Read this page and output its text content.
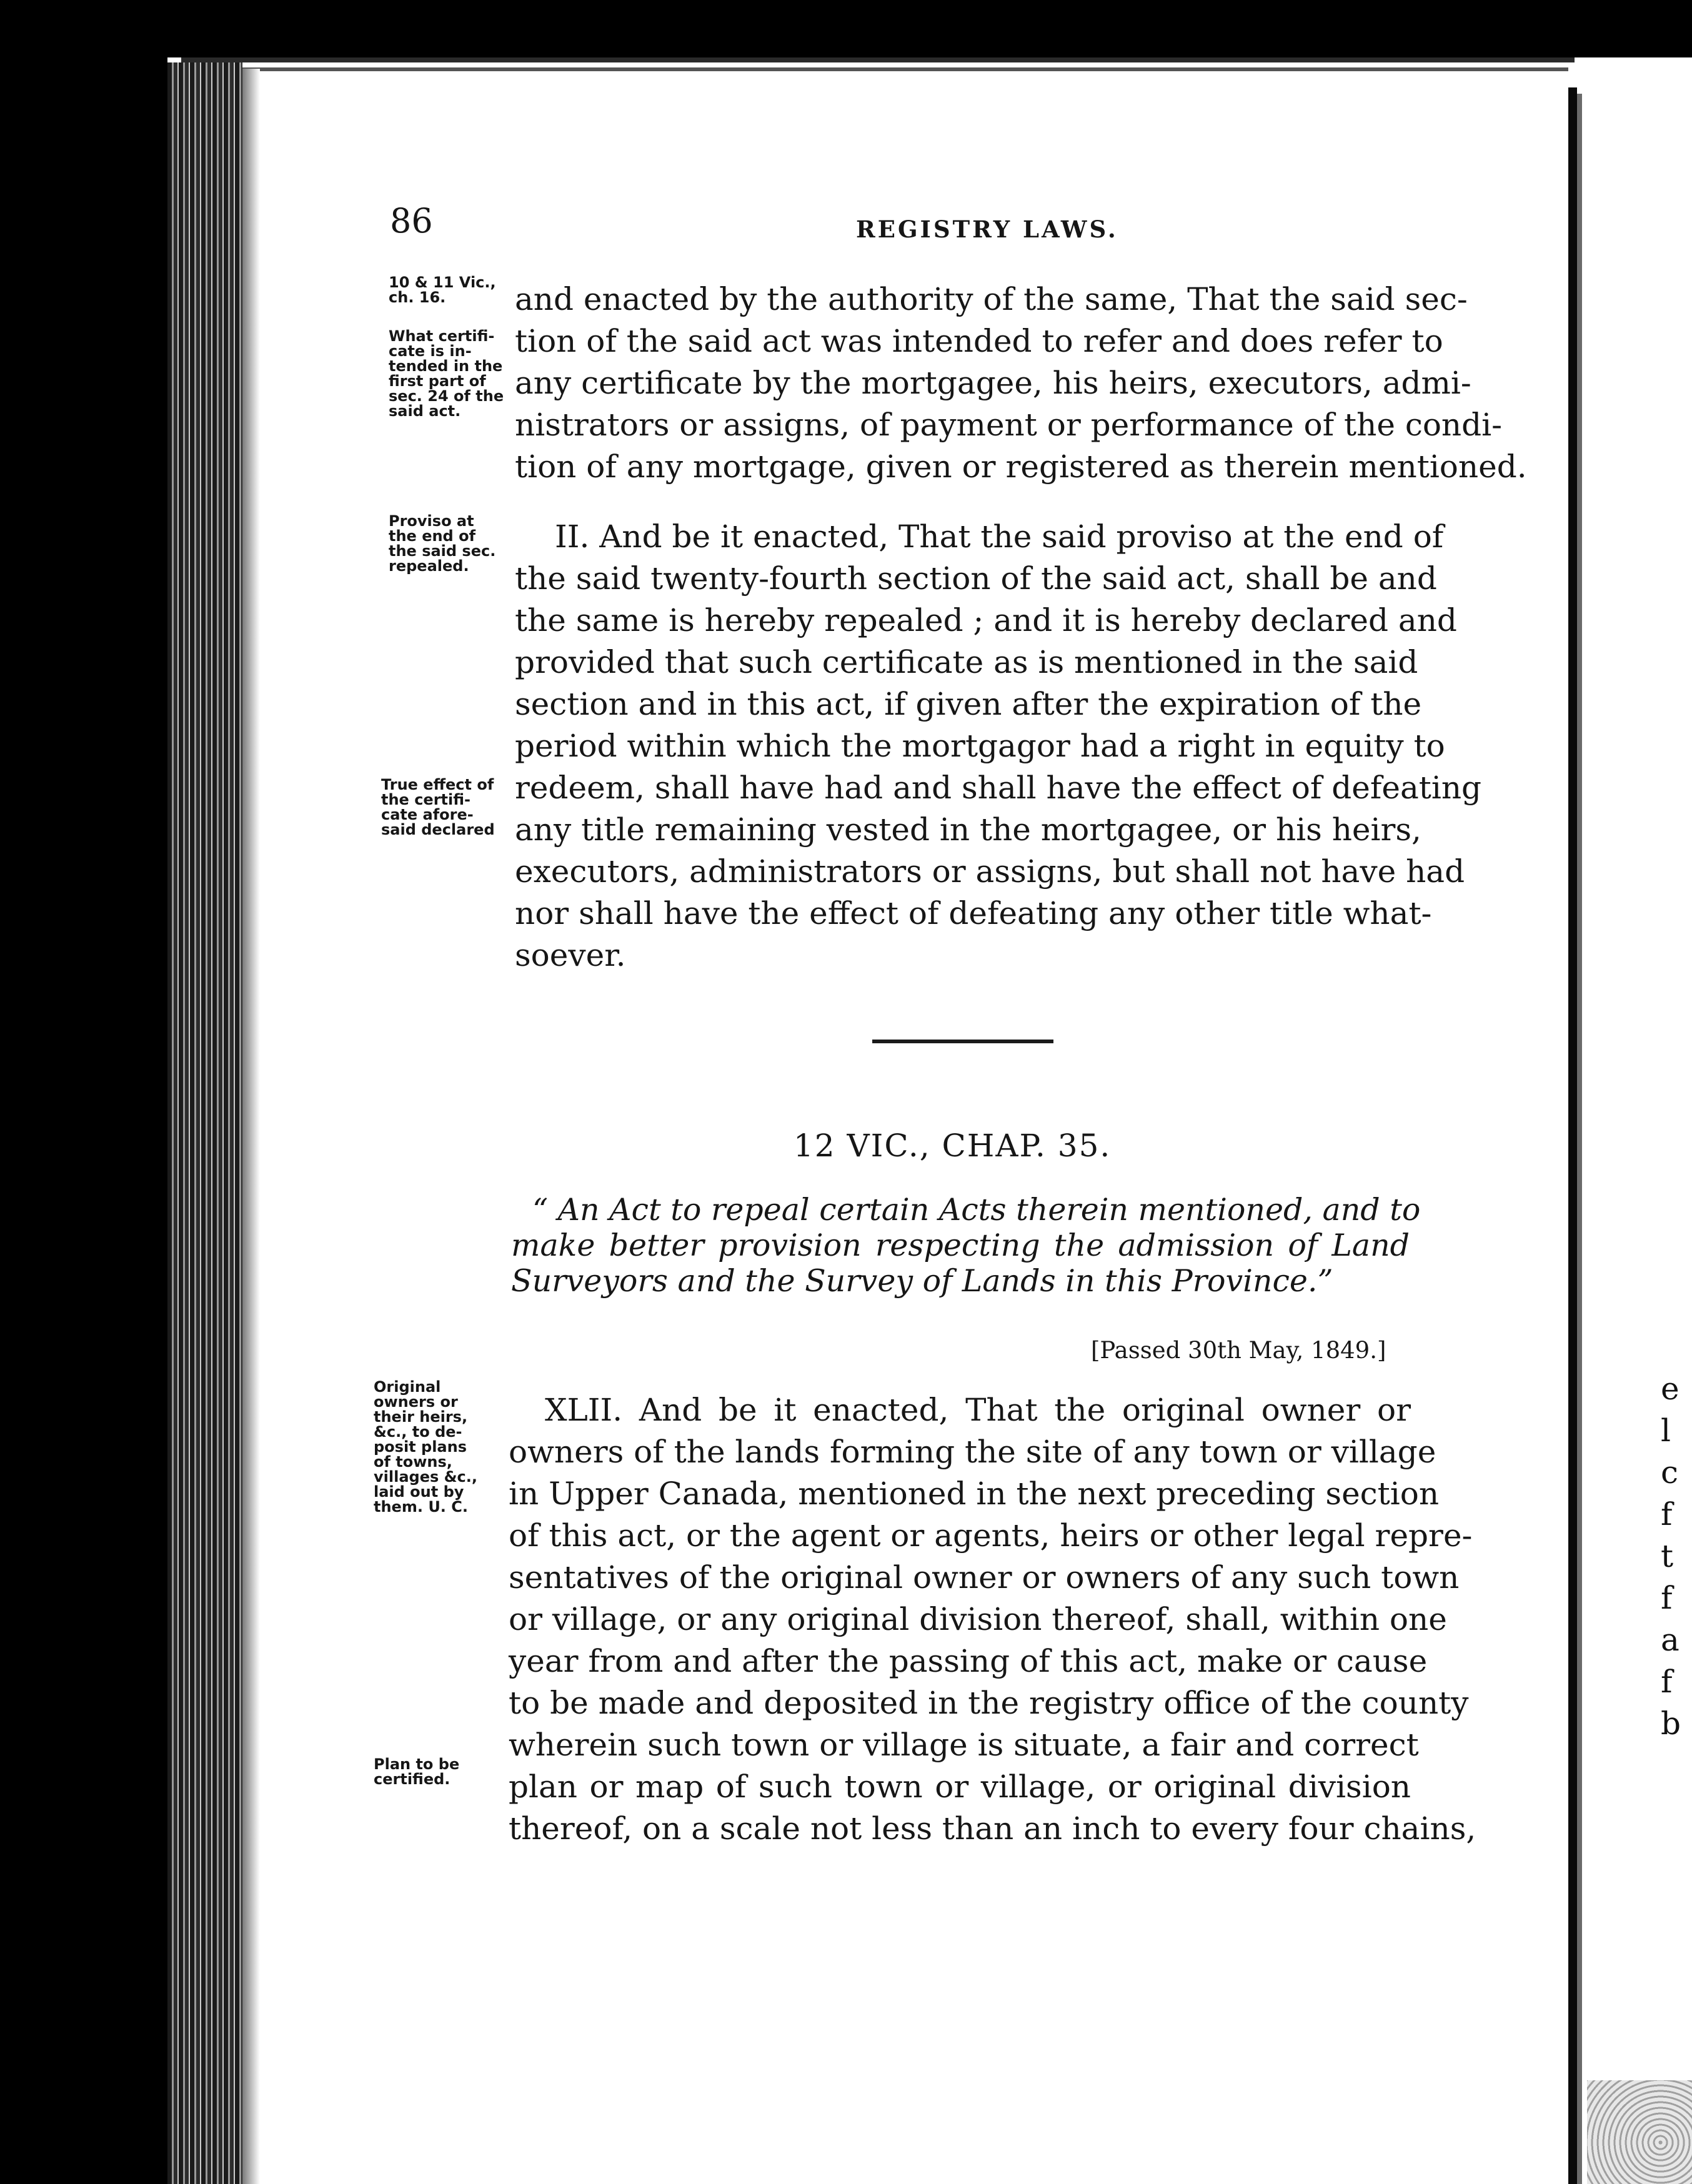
e
l
c
f
t
f
a
f
b
86	REGISTRY LAWS.
10 & 11 Vic.,
ch. 16.
What certifi-
cate is in-
tended in the
first part of
sec. 24 of the
said act.
and enacted by the authority of the same, That the said sec-
tion of the said act was intended to refer and does refer to
any certificate by the mortgagee, his heirs, executors, admi-
nistrators or assigns, of payment or performance of the condi-
tion of any mortgage, given or registered as therein mentioned.
Proviso at
the end of
the said sec.
repealed.
True effect of
the certifi-
cate afore-
said declared
II. And be it enacted, That the said proviso at the end of
the said twenty-fourth section of the said act, shall be and
the same is hereby repealed ; and it is hereby declared and
provided that such certificate as is mentioned in the said
section and in this act, if given after the expiration of the
period within which the mortgagor had a right in equity to
redeem, shall have had and shall have the effect of defeating
any title remaining vested in the mortgagee, or his heirs,
executors, administrators or assigns, but shall not have had
nor shall have the effect of defeating any other title what-
soever.
12 VIC., CHAP. 35.
“ An Act to repeal certain Acts therein mentioned, and to
make better provision respecting the admission of Land
Surveyors and the Survey of Lands in this Province.”
[Passed 30th May, 1849.]
Original
owners or
their heirs,
&c., to de-
posit plans
of towns,
villages &c.,
laid out by
them. U. C.
Plan to be
certified.
XLII. And be it enacted, That the original owner or
owners of the lands forming the site of any town or village
in Upper Canada, mentioned in the next preceding section
of this act, or the agent or agents, heirs or other legal repre-
sentatives of the original owner or owners of any such town
or village, or any original division thereof, shall, within one
year from and after the passing of this act, make or cause
to be made and deposited in the registry office of the county
wherein such town or village is situate, a fair and correct
plan or map of such town or village, or original division
thereof, on a scale not less than an inch to every four chains,
